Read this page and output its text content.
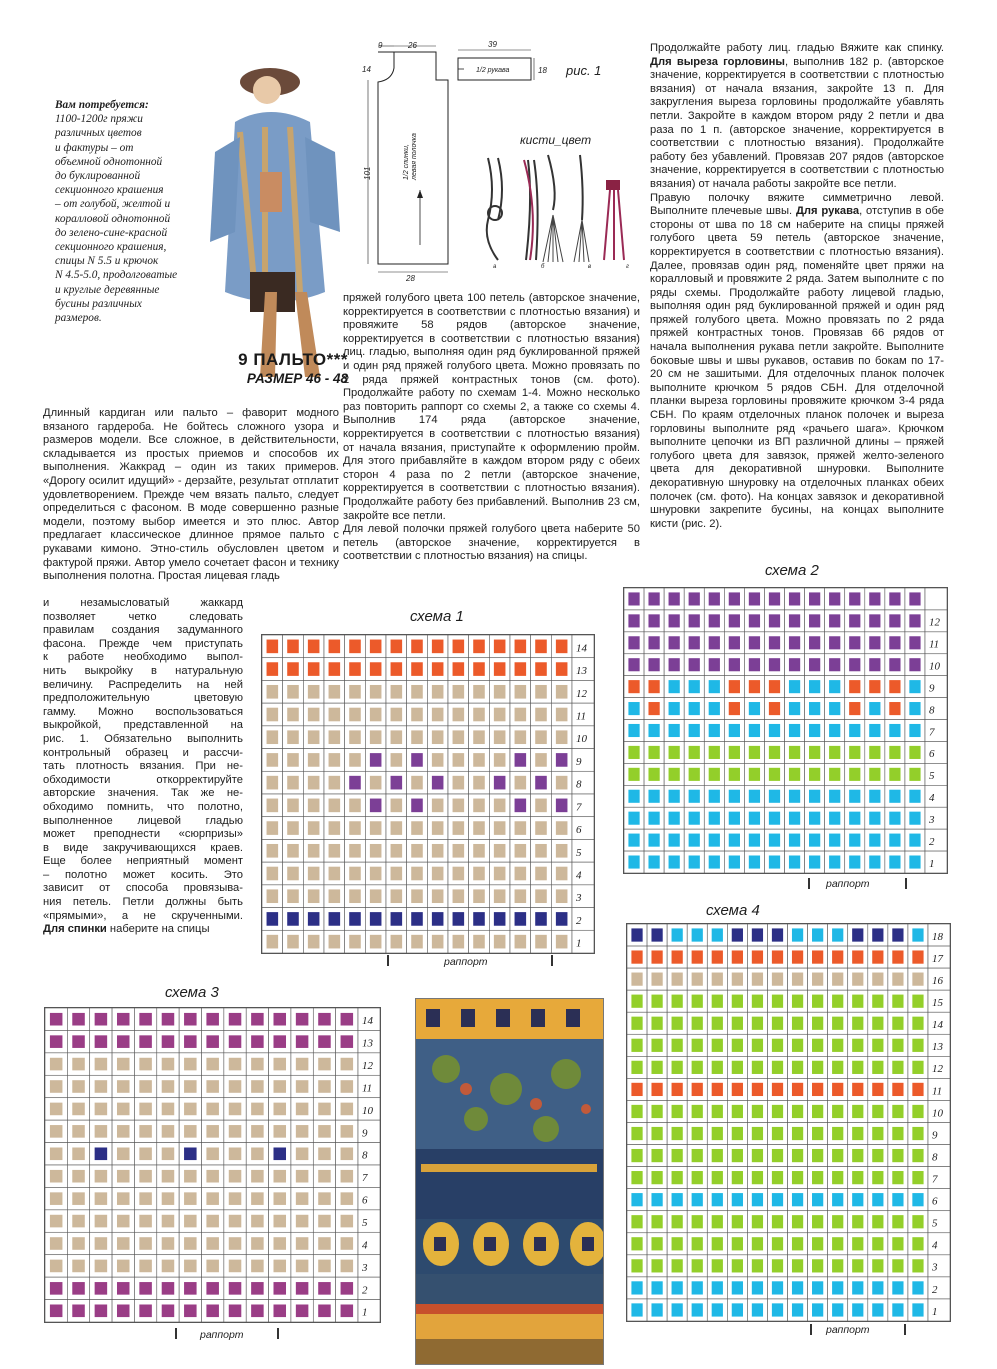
Вам потребуется:
1100-1200г пряжи
различных цветов
и фактуры – от
объемной однотонной
до буклированной
секционного крашения
– от голубой, желтой и
коралловой однотонной
до зелено-сине-красной
секционного крашения,
спицы N 5.5 и крючок
N 4.5-5.0, продолговатые
и круглые деревянные
бусины различных
размеров.
9 ПАЛЬТО***
РАЗМЕР 46 - 48
9	26	39
14	18
101
28
1/2 рукава
1/2 спинки, левая полочка
рис. 1
кисти_цвет
а	б	в	г

Длинный кардиган или пальто – фаворит модного вязаного гардероба. Не бойтесь сложного узора и размеров модели. Все сложное, в действительности, складывается из простых приемов и способов их выполнения. Жаккрад – один из таких примеров. «Дорогу осилит идущий» - дерзайте, результат отплатит удовлетворением. Прежде чем вязать пальто, следует определиться с фасоном. В моде совершенно разные модели, поэтому выбор имеется и это плюс. Автор предлагает классическое длинное прямое пальто с рукавами кимоно. Этно-стиль обусловлен цветом и фактурой пряжи. Автор умело сочетает фасон и технику выполнения полотна. Простая лицевая гладь

и незамысловатый жаккард
позволяет четко следовать
правилам создания задуманного
фасона. Прежде чем приступать
к работе необходимо выпол-
нить выкройку в натуральную
величину. Распределить на ней
предположительную цветовую
гамму. Можно воспользоваться
выкройкой, представленной на
рис. 1. Обязательно выполнить
контрольный образец и рассчи-
тать плотность вязания. При не-
обходимости откорректируйте
авторские значения. Так же не-
обходимо помнить, что полотно,
выполненное лицевой гладью
может преподнести «сюрпризы»
в виде закручивающихся краев.
Еще более неприятный момент
– полотно может косить. Это
зависит от способа провязыва-
ния петель. Петли должны быть
«прямыми», а не скрученными.
Для спинки наберите на спицы

пряжей голубого цвета 100 петель (авторское значение, корректируется в соответствии с плотностью вязания) и провяжите 58 рядов (авторское значение, корректируется в соответствии с плотностью вязания) лиц. гладью, выполняя один ряд буклированной пряжей и один ряд пряжей голубого цвета. Можно провязать по 2 ряда пряжей контрастных тонов (см. фото). Продолжайте работу по схемам 1-4. Можно несколько раз повторить раппорт со схемы 2, а также со схемы 4. Выполнив 174 ряда (авторское значение, корректируется в соответствии с плотностью вязания) от начала вязания, приступайте к оформлению пройм. Для этого прибавляйте в каждом втором ряду с обеих сторон 4 раза по 2 петли (авторское значение, корректируется в соответствии с плотностью вязания). Продолжайте работу без прибавлений. Выполнив 23 см, закройте все петли.

Для левой полочки пряжей голубого цвета наберите 50 петель (авторское значение, корректируется в соответствии с плотностью вязания) на спицы.

Продолжайте работу лиц. гладью Вяжите как спинку. Для выреза горловины, выполнив 182 р. (авторское значение, корректируется в соответствии с плотностью вязания) от начала вязания, закройте 13 п. Для закругления выреза горловины продолжайте убавлять петли. Закройте в каждом втором ряду 2 петли и два раза по 1 п. (авторское значение, корректируется в соответствии с плотностью вязания). Продолжайте работу без убавлений. Провязав 207 рядов (авторское значение, корректируется в соответствии с плотностью вязания) от начала работы закройте все петли.

Правую полочку вяжите симметрично левой. Выполните плечевые швы. Для рукава, отступив в обе стороны от шва по 18 см наберите на спицы пряжей голубого цвета 59 петель (авторское значение, корректируется в соответствии с плотностью вязания). Далее, провязав один ряд, поменяйте цвет пряжи на коралловый и провяжите 2 ряда. Затем выполните с по ряды схемы. Продолжайте работу лицевой гладью, выполняя один ряд буклированной пряжей и один ряд пряжей голубого цвета. Можно провязать по 2 ряда пряжей контрастных тонов. Провязав 66 рядов от начала выполнения рукава петли закройте. Выполните боковые швы и швы рукавов, оставив по бокам по 17-20 см не зашитыми. Для отделочных планок полочек выполните крючком 5 рядов СБН. Для отделочной планки выреза горловины провяжите крючком 3-4 ряда СБН. По краям отделочных планок полочек и выреза горловины выполните ряд «рачьего шага». Крючком выполните цепочки из ВП различной длины – пряжей голубого цвета для завязок, пряжей желто-зеленого цвета для декоративной шнуровки. Выполните декоративную шнуровку на отделочных планках обеих полочек (см. фото). На концах завязок и декоративной шнуровки закрепите бусины, на концах выполните кисти (рис. 2).

схема 1
схема 2
схема 3
схема 4
14
13
12
11
10
9
8
7
6
5
4
3
2
1
12
11
10
9
8
7
6
5
4
3
2
1
14
13
12
11
10
9
8
7
6
5
4
3
2
1
18
17
16
15
14
13
12
11
10
9
8
7
6
5
4
3
2
1
раппорт
раппорт
раппорт	раппорт
